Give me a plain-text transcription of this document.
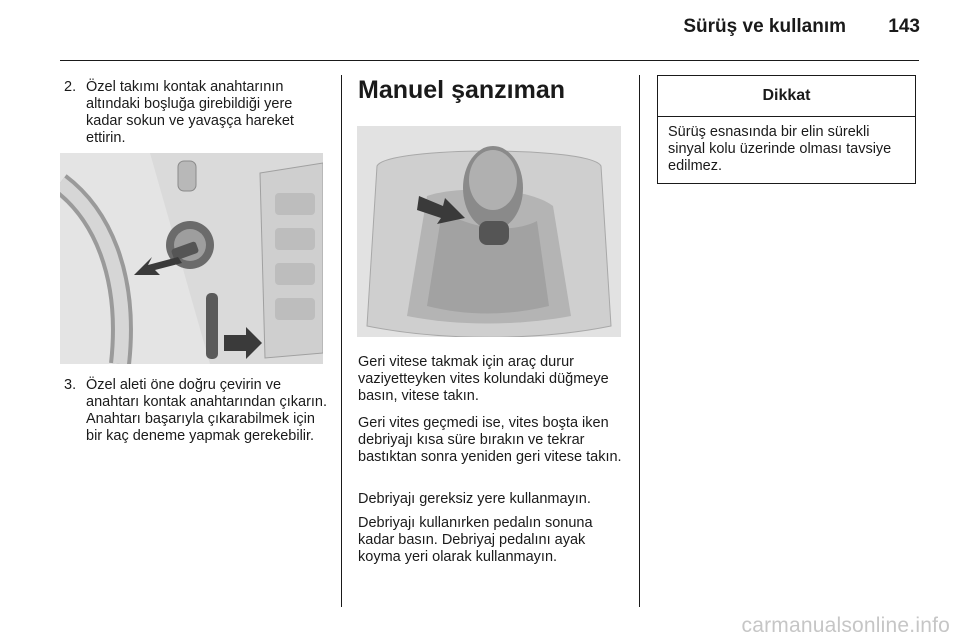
Sürüş ve kullanım	143
2. Özel takımı kontak anahtarının altındaki boşluğa girebildiği yere kadar sokun ve yavaşça hareket ettirin.
3. Özel aleti öne doğru çevirin ve anahtarı kontak anahtarından çıkarın. Anahtarı başarıyla çıkarabilmek için bir kaç deneme yapmak gerekebilir.
Manuel şanzıman
Geri vitese takmak için araç durur vaziyetteyken vites kolundaki düğmeye basın, vitese takın.
Geri vites geçmedi ise, vites boşta iken debriyajı kısa süre bırakın ve tekrar bastıktan sonra yeniden geri vitese takın.
Debriyajı gereksiz yere kullanmayın.
Debriyajı kullanırken pedalın sonuna kadar basın. Debriyaj pedalını ayak koyma yeri olarak kullanmayın.
Dikkat
Sürüş esnasında bir elin sürekli sinyal kolu üzerinde olması tavsiye edilmez.
carmanualsonline.info
